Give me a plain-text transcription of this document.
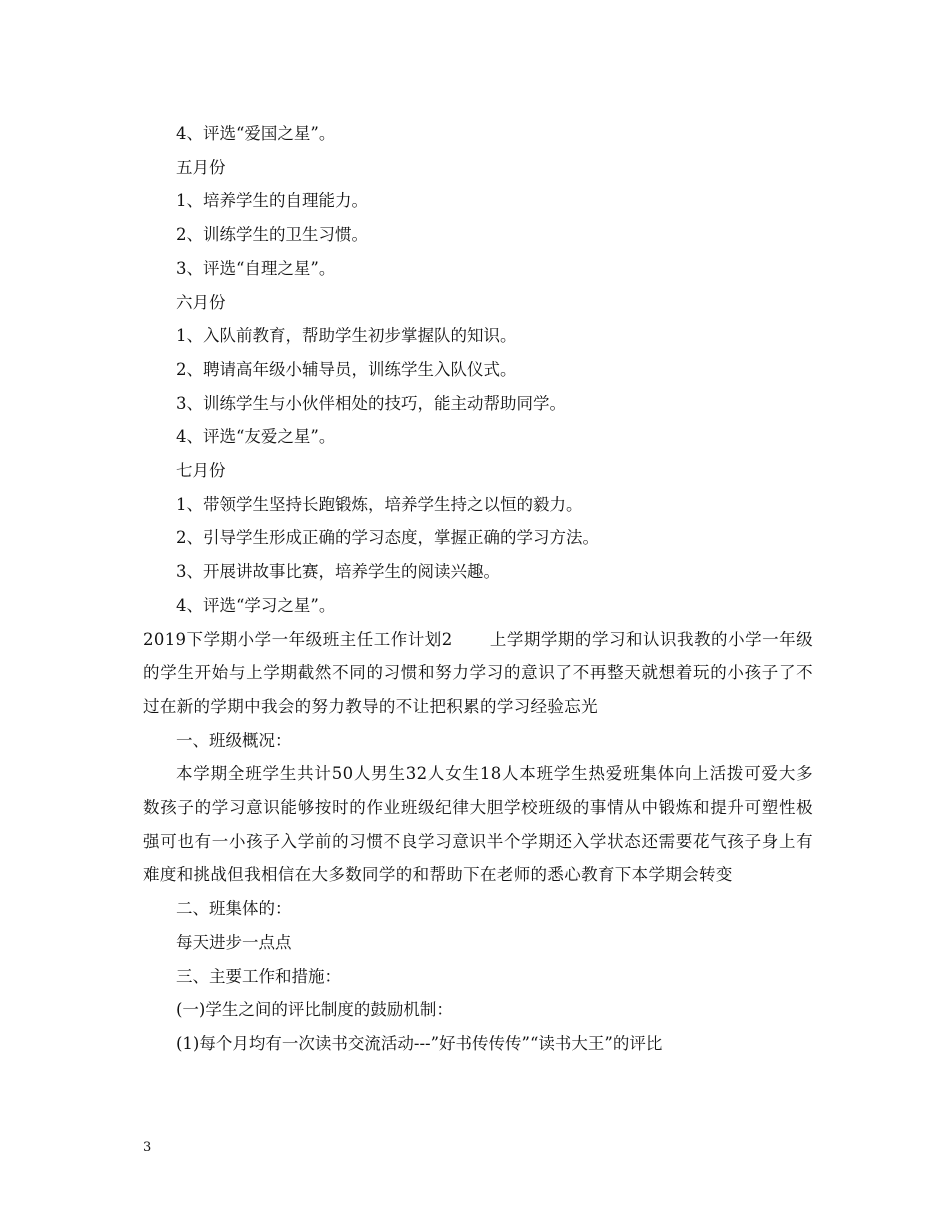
4、评选“爱国之星”。

五月份

1、培养学生的自理能力。

2、训练学生的卫生习惯。

3、评选“自理之星”。

六月份

1、入队前教育，帮助学生初步掌握队的知识。

2、聘请高年级小辅导员，训练学生入队仪式。

3、训练学生与小伙伴相处的技巧，能主动帮助同学。

4、评选“友爱之星”。

七月份

1、带领学生坚持长跑锻炼，培养学生持之以恒的毅力。

2、引导学生形成正确的学习态度，掌握正确的学习方法。

3、开展讲故事比赛，培养学生的阅读兴趣。

4、评选“学习之星”。

2019下学期小学一年级班主任工作计划2 上学期学期的学习和认识我教的小学一年级的学生开始与上学期截然不同的习惯和努力学习的意识了不再整天就想着玩的小孩子了不过在新的学期中我会的努力教导的不让把积累的学习经验忘光

一、班级概况：

本学期全班学生共计50人男生32人女生18人本班学生热爱班集体向上活拨可爱大多数孩子的学习意识能够按时的作业班级纪律大胆学校班级的事情从中锻炼和提升可塑性极强可也有一小孩子入学前的习惯不良学习意识半个学期还入学状态还需要花气孩子身上有难度和挑战但我相信在大多数同学的和帮助下在老师的悉心教育下本学期会转变

二、班集体的：

每天进步一点点

三、主要工作和措施：

(一)学生之间的评比制度的鼓励机制：

(1)每个月均有一次读书交流活动---”好书传传传”“读书大王”的评比

3
